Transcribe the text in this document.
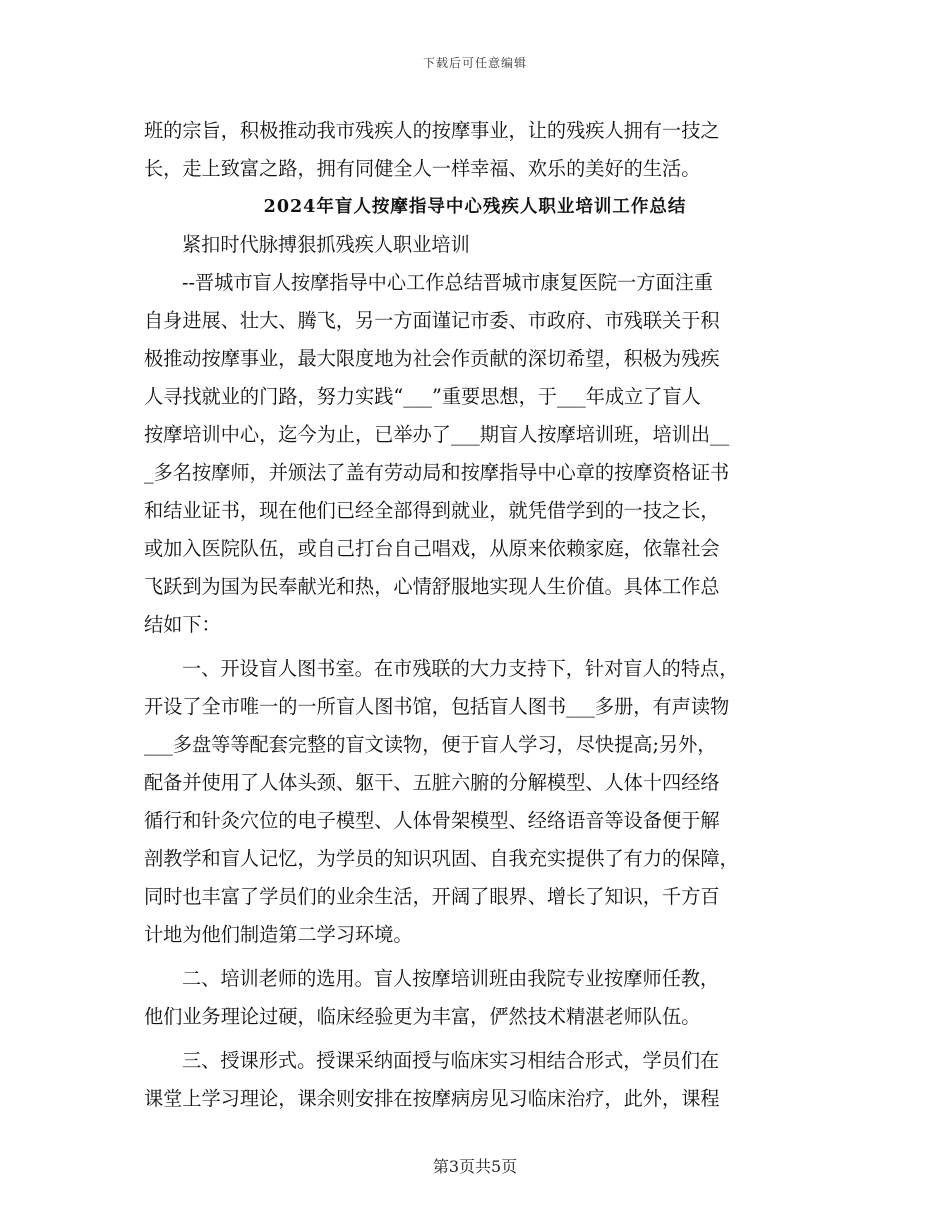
下载后可任意编辑

班的宗旨，积极推动我市残疾人的按摩事业，让的残疾人拥有一技之

长，走上致富之路，拥有同健全人一样幸福、欢乐的美好的生活。

2024年盲人按摩指导中心残疾人职业培训工作总结

紧扣时代脉搏狠抓残疾人职业培训

--晋城市盲人按摩指导中心工作总结晋城市康复医院一方面注重

自身进展、壮大、腾飞，另一方面谨记市委、市政府、市残联关于积

极推动按摩事业，最大限度地为社会作贡献的深切希望，积极为残疾

人寻找就业的门路，努力实践“___”重要思想，于___年成立了盲人

按摩培训中心，迄今为止，已举办了___期盲人按摩培训班，培训出__

_多名按摩师，并颁法了盖有劳动局和按摩指导中心章的按摩资格证书

和结业证书，现在他们已经全部得到就业，就凭借学到的一技之长，

或加入医院队伍，或自己打台自己唱戏，从原来依赖家庭，依靠社会

飞跃到为国为民奉献光和热，心情舒服地实现人生价值。具体工作总

结如下：

一、开设盲人图书室。在市残联的大力支持下，针对盲人的特点，

开设了全市唯一的一所盲人图书馆，包括盲人图书___多册，有声读物

___多盘等等配套完整的盲文读物，便于盲人学习，尽快提高;另外，

配备并使用了人体头颈、躯干、五脏六腑的分解模型、人体十四经络

循行和针灸穴位的电子模型、人体骨架模型、经络语音等设备便于解

剖教学和盲人记忆，为学员的知识巩固、自我充实提供了有力的保障，

同时也丰富了学员们的业余生活，开阔了眼界、增长了知识，千方百

计地为他们制造第二学习环境。

二、培训老师的选用。盲人按摩培训班由我院专业按摩师任教，

他们业务理论过硬，临床经验更为丰富，俨然技术精湛老师队伍。

三、授课形式。授课采纳面授与临床实习相结合形式，学员们在

课堂上学习理论，课余则安排在按摩病房见习临床治疗，此外，课程

第3页共5页
